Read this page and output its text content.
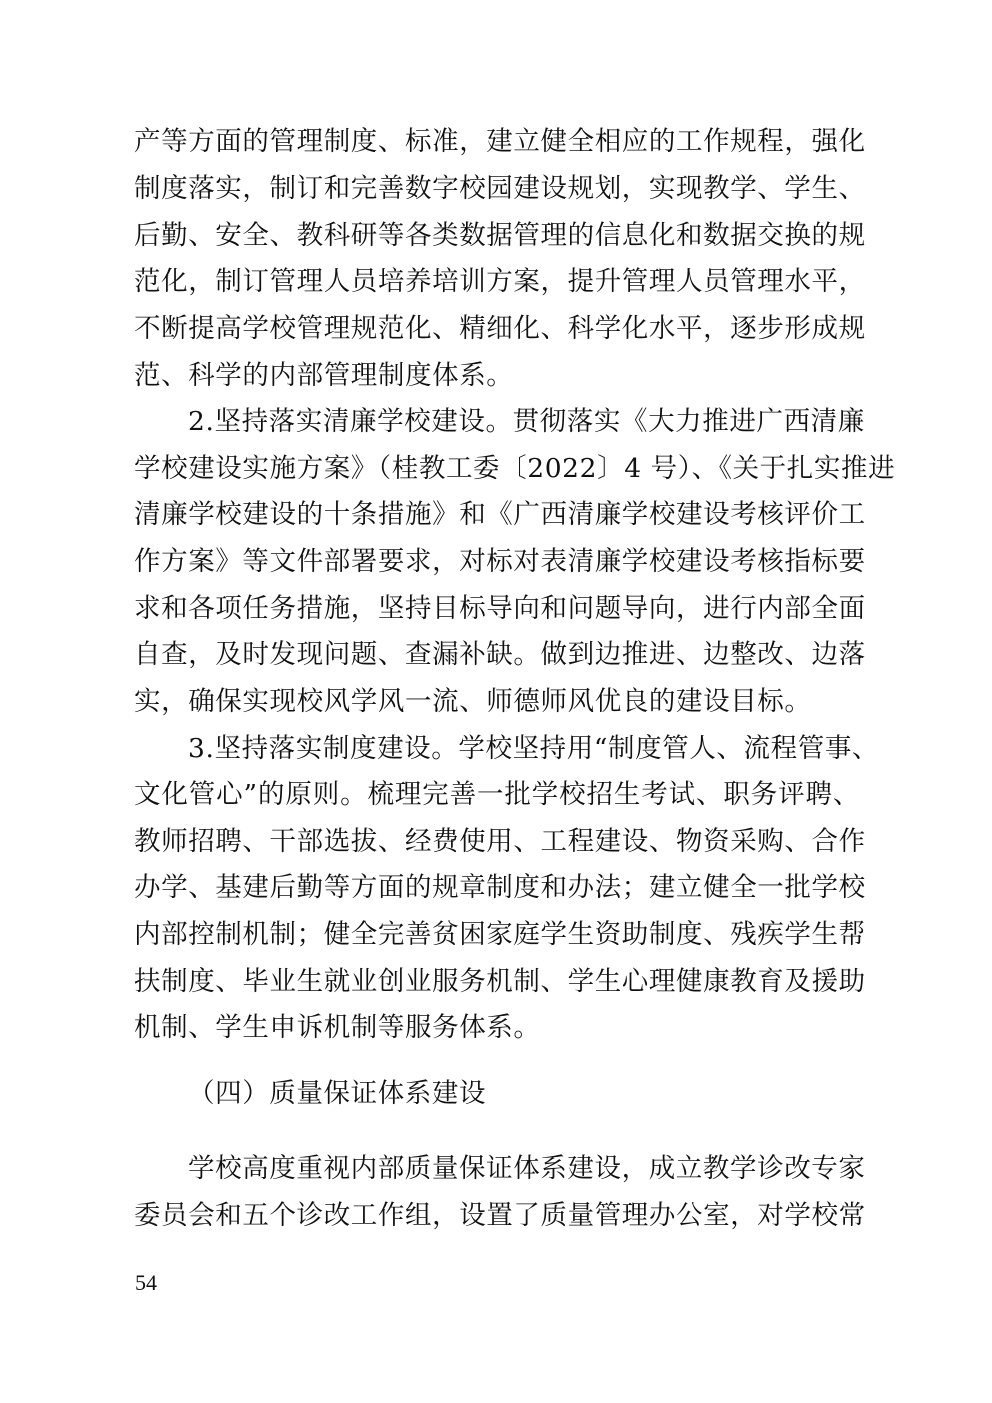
产等方面的管理制度、标准，建立健全相应的工作规程，强化
制度落实，制订和完善数字校园建设规划，实现教学、学生、
后勤、安全、教科研等各类数据管理的信息化和数据交换的规
范化，制订管理人员培养培训方案，提升管理人员管理水平，
不断提高学校管理规范化、精细化、科学化水平，逐步形成规
范、科学的内部管理制度体系。
2.坚持落实清廉学校建设。贯彻落实《大力推进广西清廉
学校建设实施方案》（桂教工委〔2022〕4 号）、《关于扎实推进
清廉学校建设的十条措施》和《广西清廉学校建设考核评价工
作方案》等文件部署要求，对标对表清廉学校建设考核指标要
求和各项任务措施，坚持目标导向和问题导向，进行内部全面
自查，及时发现问题、查漏补缺。做到边推进、边整改、边落
实，确保实现校风学风一流、师德师风优良的建设目标。
3.坚持落实制度建设。学校坚持用“制度管人、流程管事、
文化管心”的原则。梳理完善一批学校招生考试、职务评聘、
教师招聘、干部选拔、经费使用、工程建设、物资采购、合作
办学、基建后勤等方面的规章制度和办法；建立健全一批学校
内部控制机制；健全完善贫困家庭学生资助制度、残疾学生帮
扶制度、毕业生就业创业服务机制、学生心理健康教育及援助
机制、学生申诉机制等服务体系。
（四）质量保证体系建设
学校高度重视内部质量保证体系建设，成立教学诊改专家
委员会和五个诊改工作组，设置了质量管理办公室，对学校常
54
